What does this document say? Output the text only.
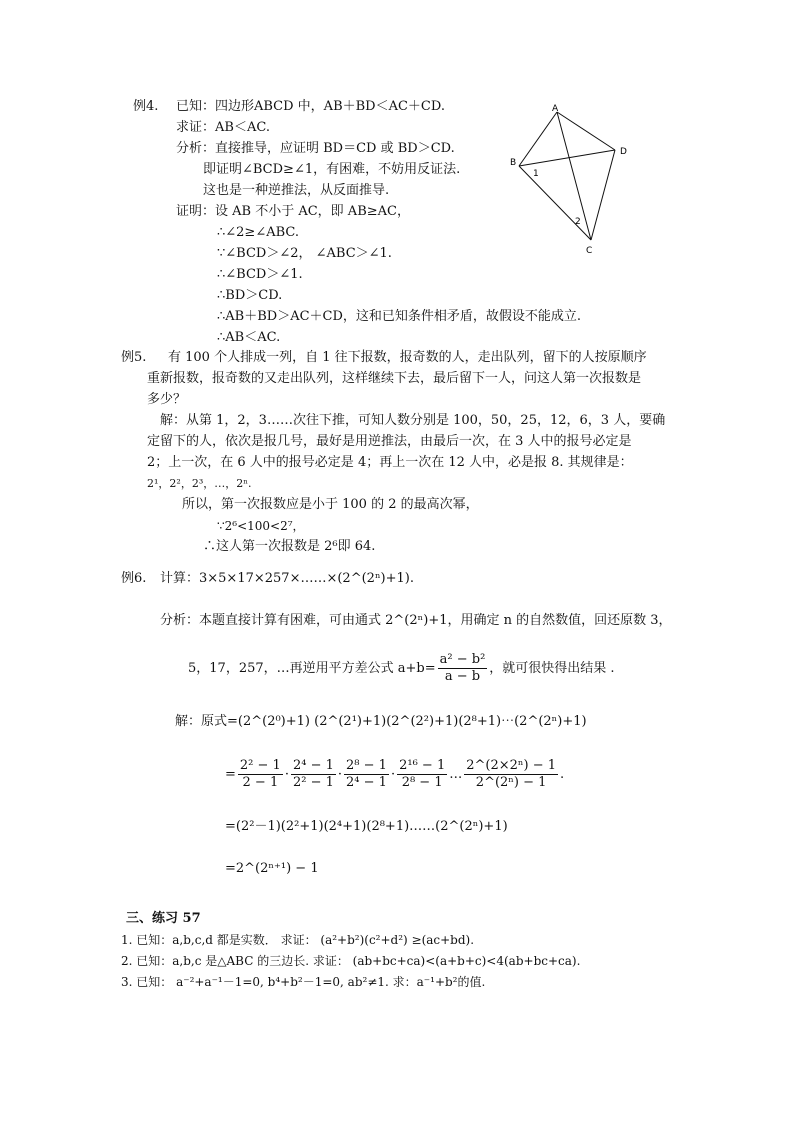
例4. 已知：四边形ABCD 中，AB＋BD＜AC＋CD.
求证：AB＜AC.
分析：直接推导，应证明 BD＝CD 或 BD＞CD.
即证明∠BCD≥∠1，有困难，不妨用反证法.
这也是一种逆推法，从反面推导.
证明：设 AB 不小于 AC，即 AB≥AC，
∴∠2≥∠ABC.
∵∠BCD＞∠2， ∠ABC＞∠1.
∴∠BCD＞∠1.
∴BD＞CD.
∴AB＋BD＞AC＋CD，这和已知条件相矛盾，故假设不能成立.
∴AB＜AC.
A
B
D
C
1
2
例5. 有 100 个人排成一列，自 1 往下报数，报奇数的人，走出队列，留下的人按原顺序
重新报数，报奇数的又走出队列，这样继续下去，最后留下一人，问这人第一次报数是
多少？
解：从第 1，2，3……次往下推，可知人数分别是 100，50，25，12，6，3 人，要确
定留下的人，依次是报几号，最好是用逆推法，由最后一次，在 3 人中的报号必定是
2；上一次，在 6 人中的报号必定是 4；再上一次在 12 人中，必是报 8. 其规律是：
2¹，2²，2³，…，2ⁿ.
所以，第一次报数应是小于 100 的 2 的最高次幂，
∵2⁶<100<2⁷，
∴这人第一次报数是 2⁶即 64.
例6. 计算：3×5×17×257×……×(2^(2ⁿ)+1).
分析：本题直接计算有困难，可由通式 2^(2ⁿ)+1，用确定 n 的自然数值，回还原数 3，
5，17，257，…再逆用平方差公式 $a+b= \frac{\text{a² − b²}}{a - b}$ ，就可很快得出结果 .
解：原式=(2^(2⁰)+1) (2^(2¹)+1)(2^(2²)+1)(2⁸+1)⋯(2^(2ⁿ)+1)
= $\frac{\text{2² − 1}}{2 - 1} \cdot \frac{\text{2⁴ − 1}}{\text{2² − 1}} \cdot \frac{\text{2⁸ − 1}}{\text{2⁴ − 1}} \cdot \frac{\text{2¹⁶ − 1}}{\text{2⁸ − 1}}$ … $\frac{\text{2\textasciicircum{}(2×2ⁿ) − 1}}{\text{2\textasciicircum{}(2ⁿ) − 1}}$ .
=(2²－1)(2²+1)(2⁴+1)(2⁸+1)……(2^(2ⁿ)+1)
=2^(2ⁿ⁺¹) − 1
三、练习 57
1. 已知：a,b,c,d 都是实数． 求证： (a²+b²)(c²+d²) ≥(ac+bd).
2. 已知：a,b,c 是△ABC 的三边长. 求证： (ab+bc+ca)<(a+b+c)<4(ab+bc+ca).
3. 已知： a⁻²+a⁻¹－1=0, b⁴+b²－1=0, ab²≠1. 求：a⁻¹+b²的值.
